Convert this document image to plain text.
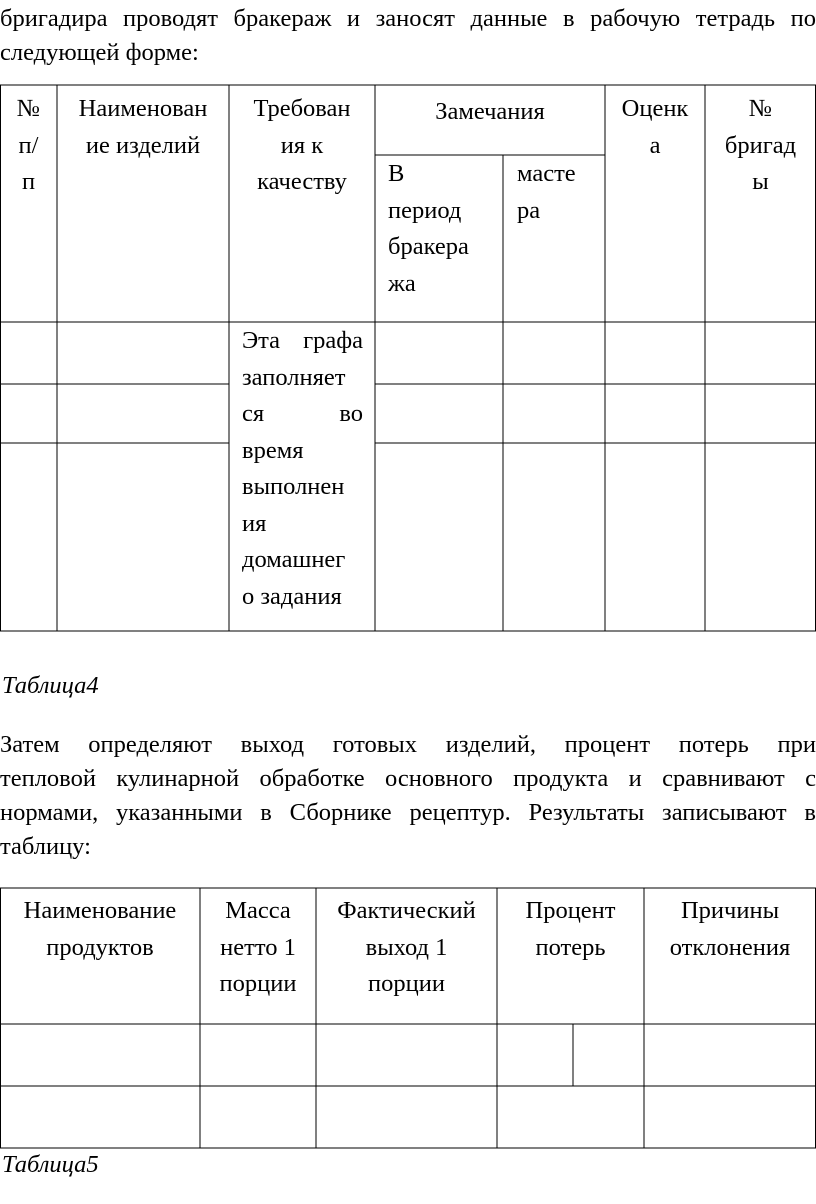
бригадира проводят бракераж и заносят данные в рабочую тетрадь по
следующей форме:
№
п/
п
Наименован
ие изделий
Требован
ия к
качеству
Замечания
В
период
бракера
жа
масте
ра
Оценк
а
№
бригад
ы
Эта графа
заполняет
ся во
время
выполнен
ия
домашнег
о задания
Таблица4
Затем определяют выход готовых изделий, процент потерь при
тепловой кулинарной обработке основного продукта и сравнивают с
нормами, указанными в Сборнике рецептур. Результаты записывают в
таблицу:
Наименование
продуктов
Масса
нетто 1
порции
Фактический
выход 1
порции
Процент
потерь
Причины
отклонения
Таблица5
